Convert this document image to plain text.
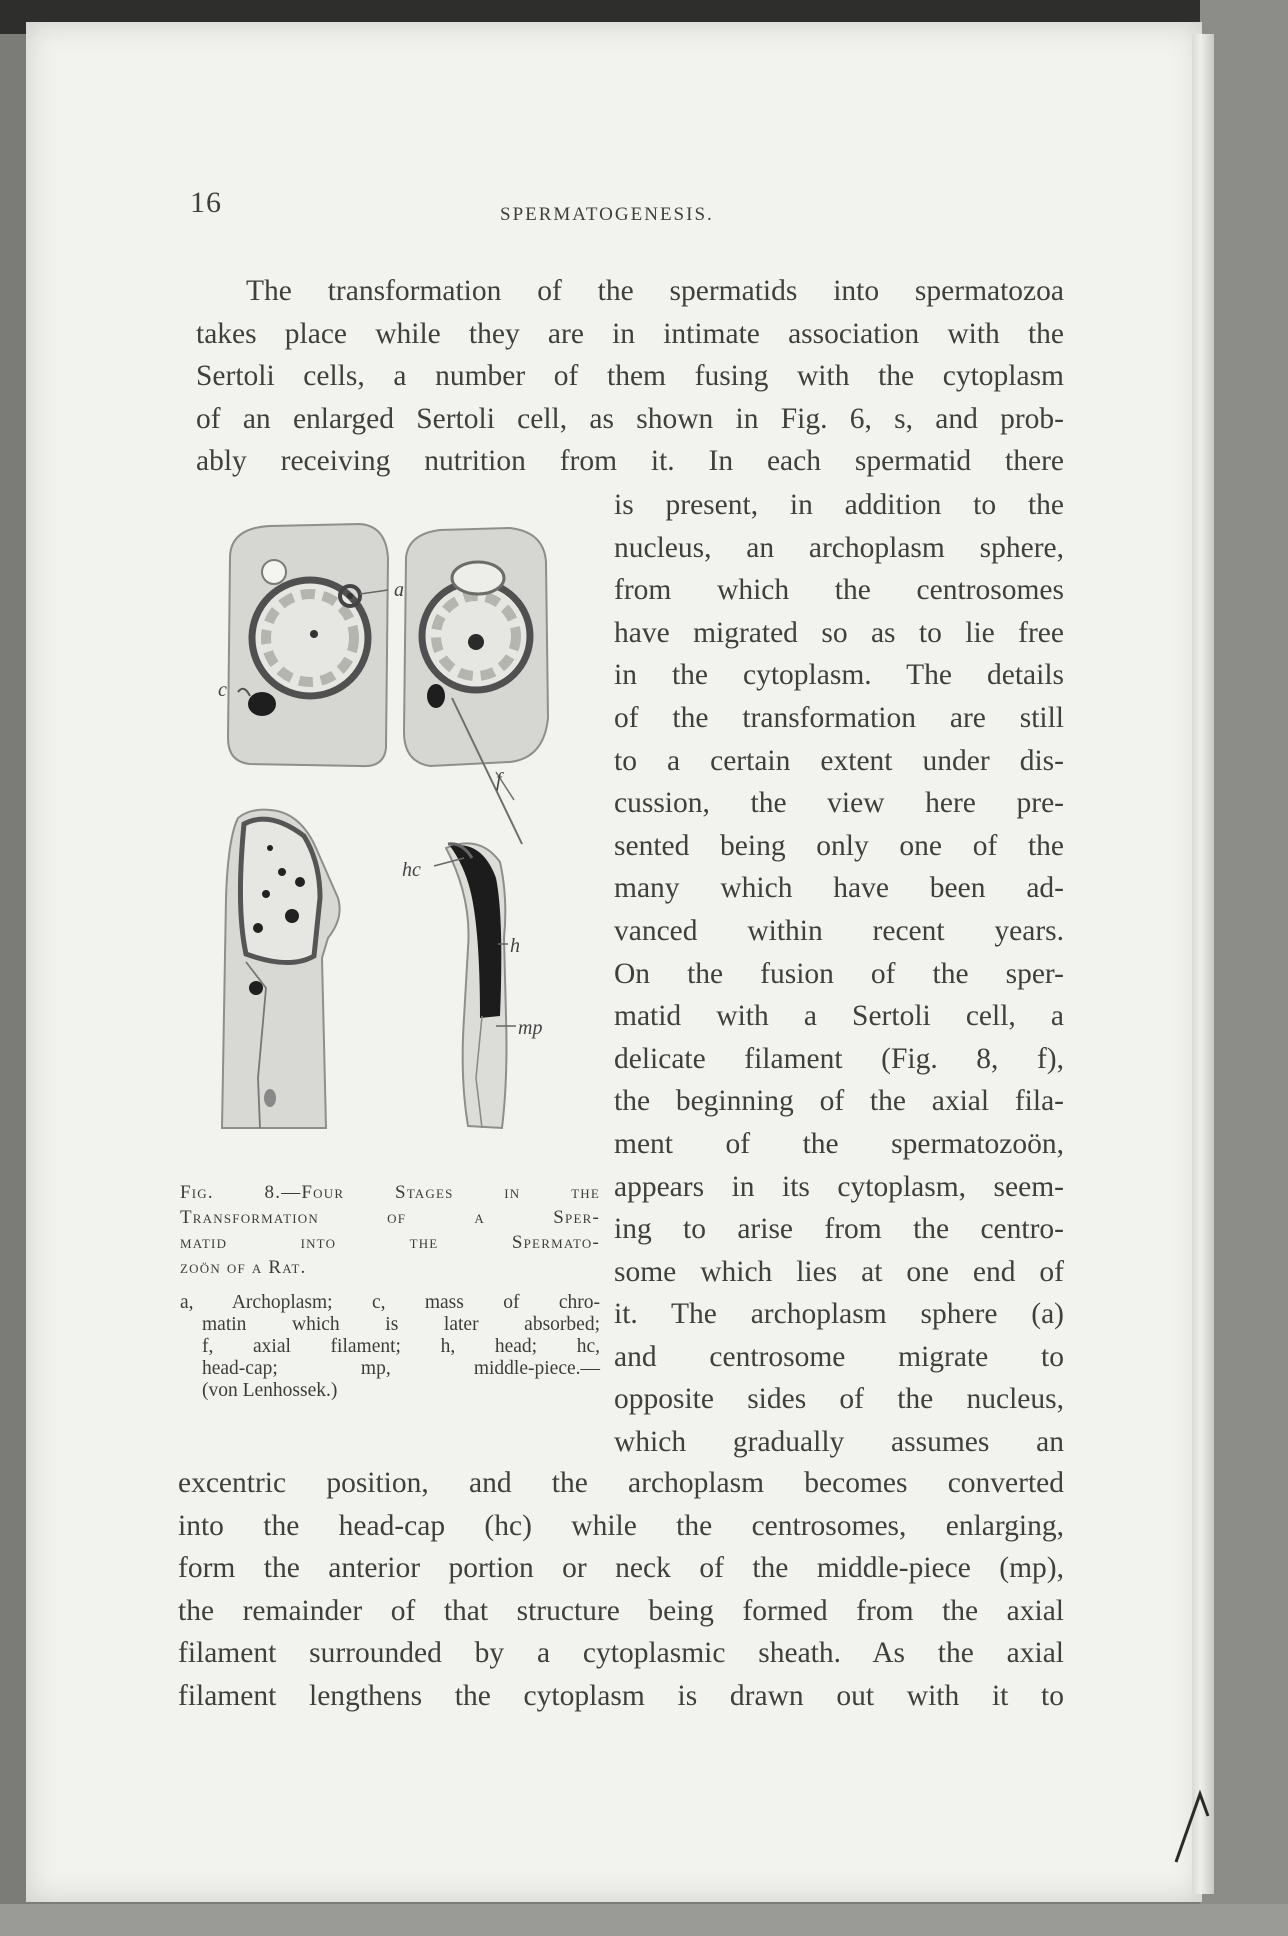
16	SPERMATOGENESIS.

The transformation of the spermatids into spermatozoa
takes place while they are in intimate association with the
Sertoli cells, a number of them fusing with the cytoplasm
of an enlarged Sertoli cell, as shown in Fig. 6, s, and prob-
ably receiving nutrition from it. In each spermatid there

is present, in addition to the
nucleus, an archoplasm sphere,
from which the centrosomes
have migrated so as to lie free
in the cytoplasm. The details
of the transformation are still
to a certain extent under dis-
cussion, the view here pre-
sented being only one of the
many which have been ad-
vanced within recent years.
On the fusion of the sper-
matid with a Sertoli cell, a
delicate filament (Fig. 8, f),
the beginning of the axial fila-
ment of the spermatozoön,
appears in its cytoplasm, seem-
ing to arise from the centro-
some which lies at one end of
it. The archoplasm sphere (a)
and centrosome migrate to
opposite sides of the nucleus,
which gradually assumes an

a
c
f
hc
h
mp
Fig. 8.—Four Stages in the
Transformation of a Sper-
matid into the Spermato-
zoön of a Rat.
a, Archoplasm; c, mass of chro-
matin which is later absorbed;
f, axial filament; h, head; hc,
head-cap; mp, middle-piece.—
(von Lenhossek.)

excentric position, and the archoplasm becomes converted
into the head-cap (hc) while the centrosomes, enlarging,
form the anterior portion or neck of the middle-piece (mp),
the remainder of that structure being formed from the axial
filament surrounded by a cytoplasmic sheath. As the axial
filament lengthens the cytoplasm is drawn out with it to
